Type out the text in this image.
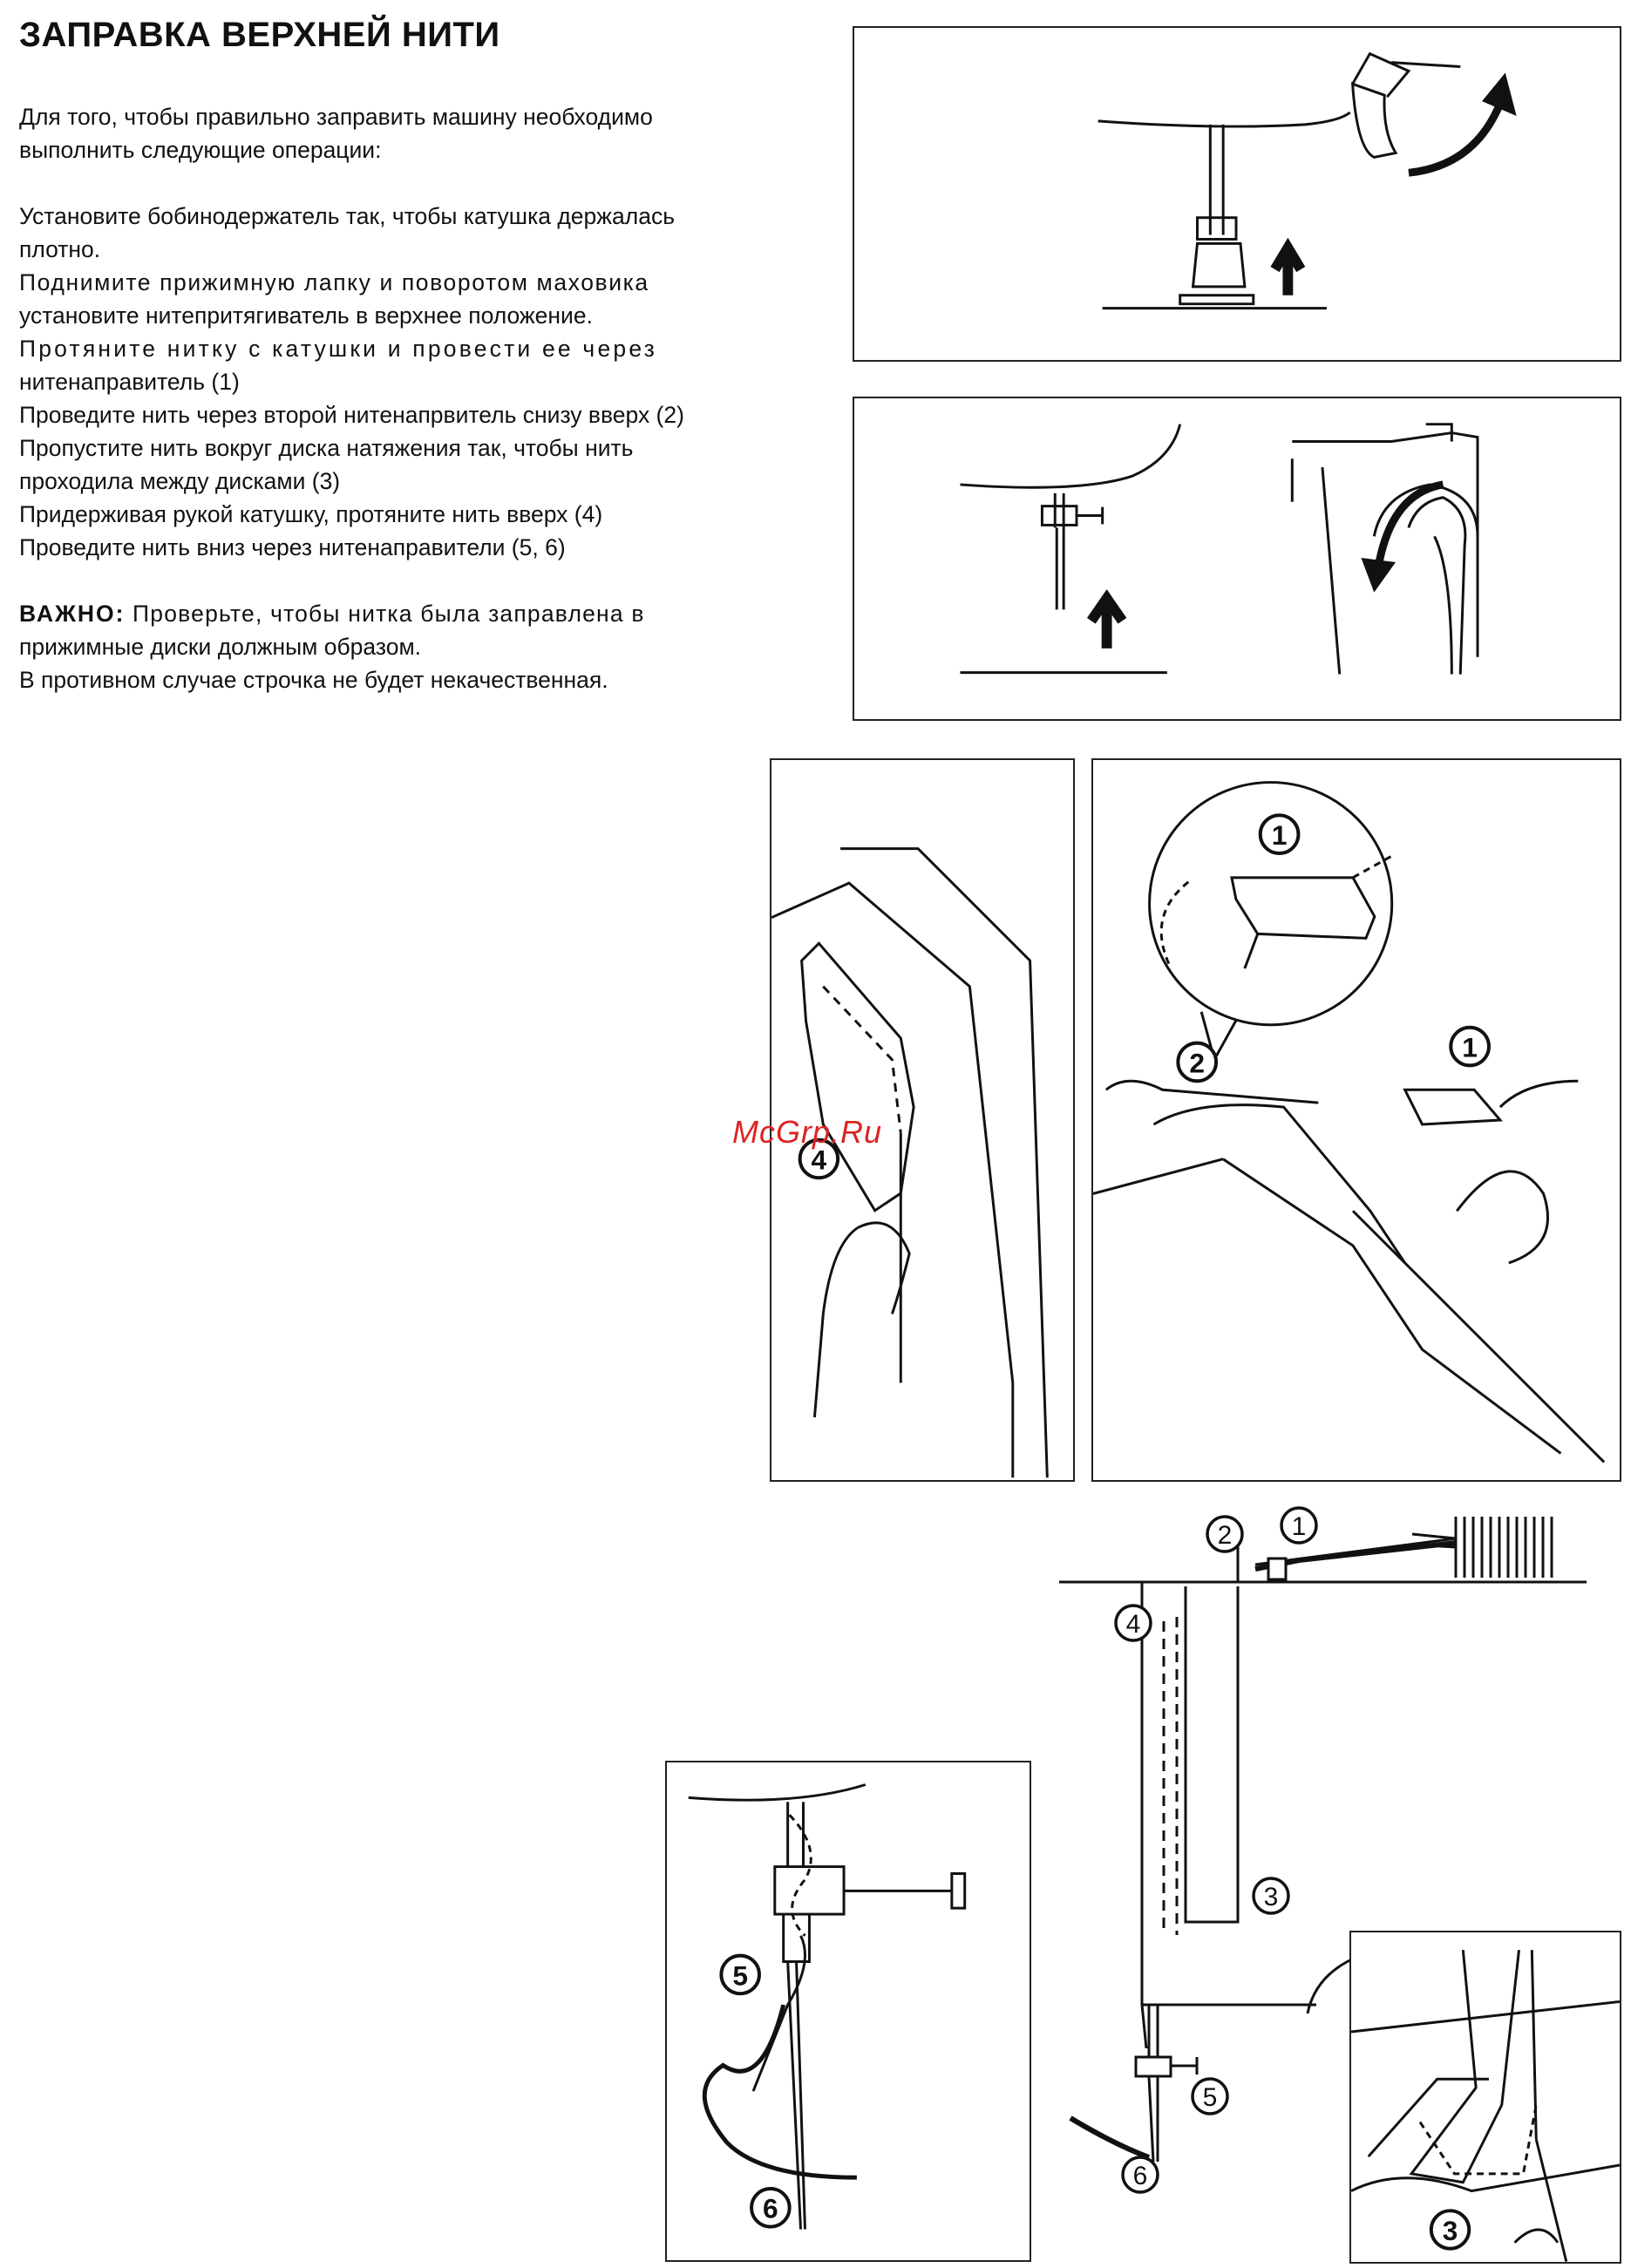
ЗАПРАВКА ВЕРХНЕЙ НИТИ

Для того, чтобы правильно заправить машину необходимо

выполнить следующие операции:

Установите бобинодержатель так, чтобы катушка держалась

плотно.

Поднимите прижимную лапку и поворотом маховика

установите нитепритягиватель в верхнее положение.

Протяните нитку с катушки и провести ее через

нитенаправитель (1)

Проведите нить через второй нитенапрвитель снизу вверх (2)

Пропустите нить вокруг диска натяжения так, чтобы нить

проходила между дисками (3)

Придерживая рукой катушку, протяните нить вверх (4)

Проведите нить вниз через нитенаправители (5, 6)

ВАЖНО: Проверьте, чтобы нитка была заправлена в

прижимные диски должным образом.

В противном случае строчка не будет некачественная.

4
McGrp.Ru
1
1
2
2 1
4
3
5
6
5
6
3
